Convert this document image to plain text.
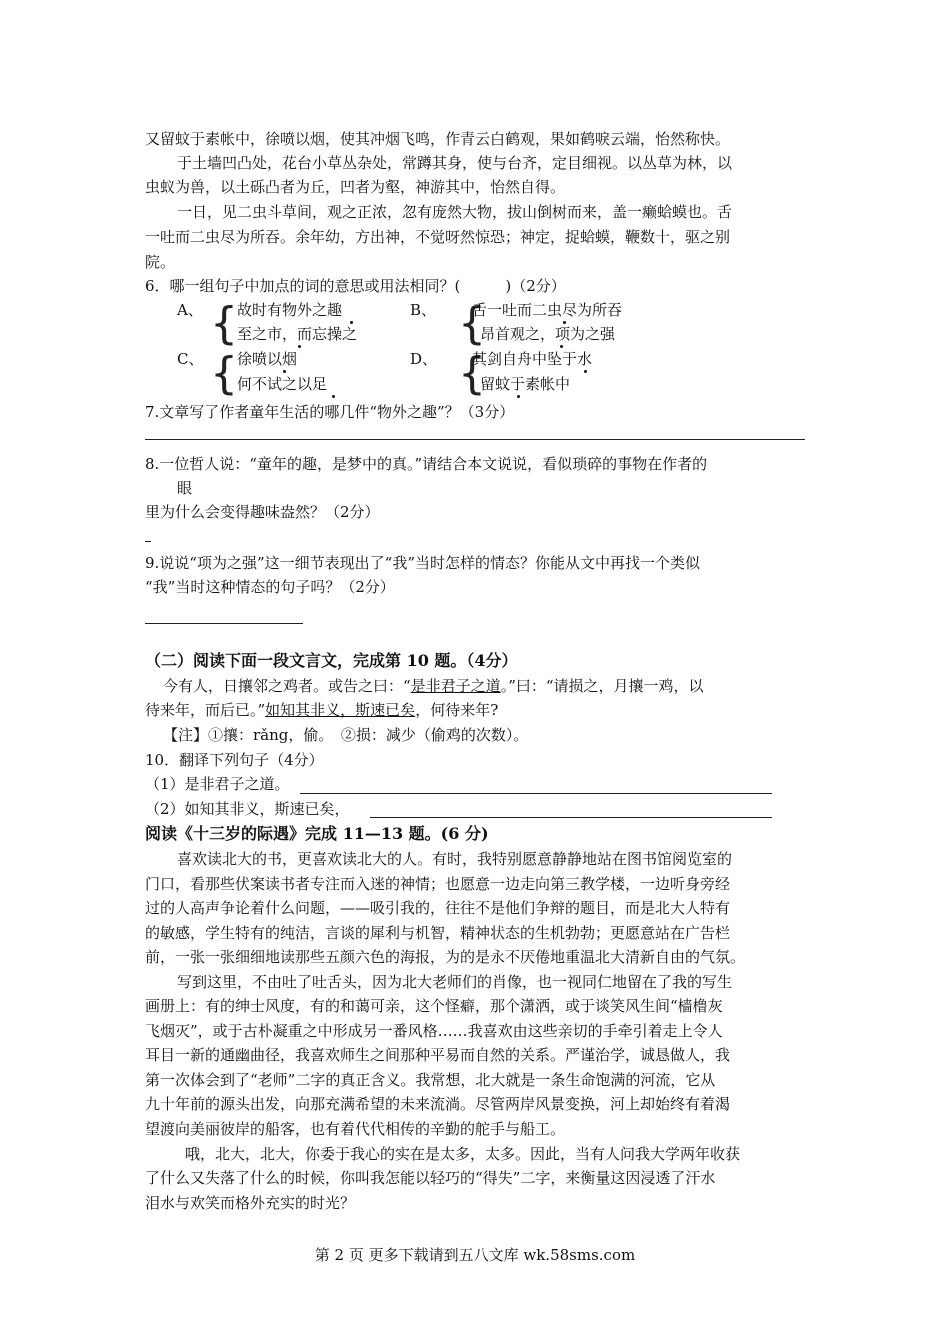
又留蚊于素帐中，徐喷以烟，使其冲烟飞鸣，作青云白鹤观，果如鹤唳云端，怡然称快。
于土墙凹凸处，花台小草丛杂处，常蹲其身，使与台齐，定目细视。以丛草为林，以
虫蚁为兽，以土砾凸者为丘，凹者为壑，神游其中，怡然自得。
一日，见二虫斗草间，观之正浓，忽有庞然大物，拔山倒树而来，盖一癞蛤蟆也。舌
一吐而二虫尽为所吞。余年幼，方出神，不觉呀然惊恐；神定，捉蛤蟆，鞭数十，驱之别
院。
6．哪一组句子中加点的词的意思或用法相同？(　　　)（2分）
A、 { 故时有物外之趣
至之市，而忘操之
B、 {
舌一吐而二虫尽为所吞
昂首观之，项为之强
C、 { 徐喷以烟
何不试之以足
D、 {
其剑自舟中坠于水
留蚊于素帐中
7.文章写了作者童年生活的哪几件“物外之趣”？（3分）
8.一位哲人说：“童年的趣，是梦中的真。”请结合本文说说，看似琐碎的事物在作者的
眼
里为什么会变得趣味盎然？（2分）
9.说说“项为之强”这一细节表现出了“我”当时怎样的情态？你能从文中再找一个类似
“我”当时这种情态的句子吗？（2分）
（二）阅读下面一段文言文，完成第 10 题。（4分）
今有人，日攘邻之鸡者。或告之曰：“是非君子之道。”曰：“请损之，月攘一鸡，以
待来年，而后已。”如知其非义，斯速已矣，何待来年?
【注】①攘：rǎng，偷。　②损：减少（偷鸡的次数）。
10．翻译下列句子（4分）
（1）是非君子之道。
（2）如知其非义，斯速已矣，
阅读《十三岁的际遇》完成 11—13 题。(6 分)
喜欢读北大的书，更喜欢读北大的人。有时，我特别愿意静静地站在图书馆阅览室的
门口，看那些伏案读书者专注而入迷的神情；也愿意一边走向第三教学楼，一边听身旁经
过的人高声争论着什么问题，——吸引我的，往往不是他们争辩的题目，而是北大人特有
的敏感，学生特有的纯洁，言谈的犀利与机智，精神状态的生机勃勃；更愿意站在广告栏
前，一张一张细细地读那些五颜六色的海报，为的是永不厌倦地重温北大清新自由的气氛。
写到这里，不由吐了吐舌头，因为北大老师们的肖像，也一视同仁地留在了我的写生
画册上：有的绅士风度，有的和蔼可亲，这个怪癖，那个潇洒，或于谈笑风生间“樯橹灰
飞烟灭”，或于古朴凝重之中形成另一番风格……我喜欢由这些亲切的手牵引着走上令人
耳目一新的通幽曲径，我喜欢师生之间那种平易而自然的关系。严谨治学，诚恳做人，我
第一次体会到了“老师”二字的真正含义。我常想，北大就是一条生命饱满的河流，它从
九十年前的源头出发，向那充满希望的未来流淌。尽管两岸风景变换，河上却始终有着渴
望渡向美丽彼岸的船客，也有着代代相传的辛勤的舵手与船工。
哦，北大，北大，你委于我心的实在是太多，太多。因此，当有人问我大学两年收获
了什么又失落了什么的时候，你叫我怎能以轻巧的“得失”二字，来衡量这因浸透了汗水
泪水与欢笑而格外充实的时光？
第 2 页 更多下载请到五八文库 wk.58sms.com
